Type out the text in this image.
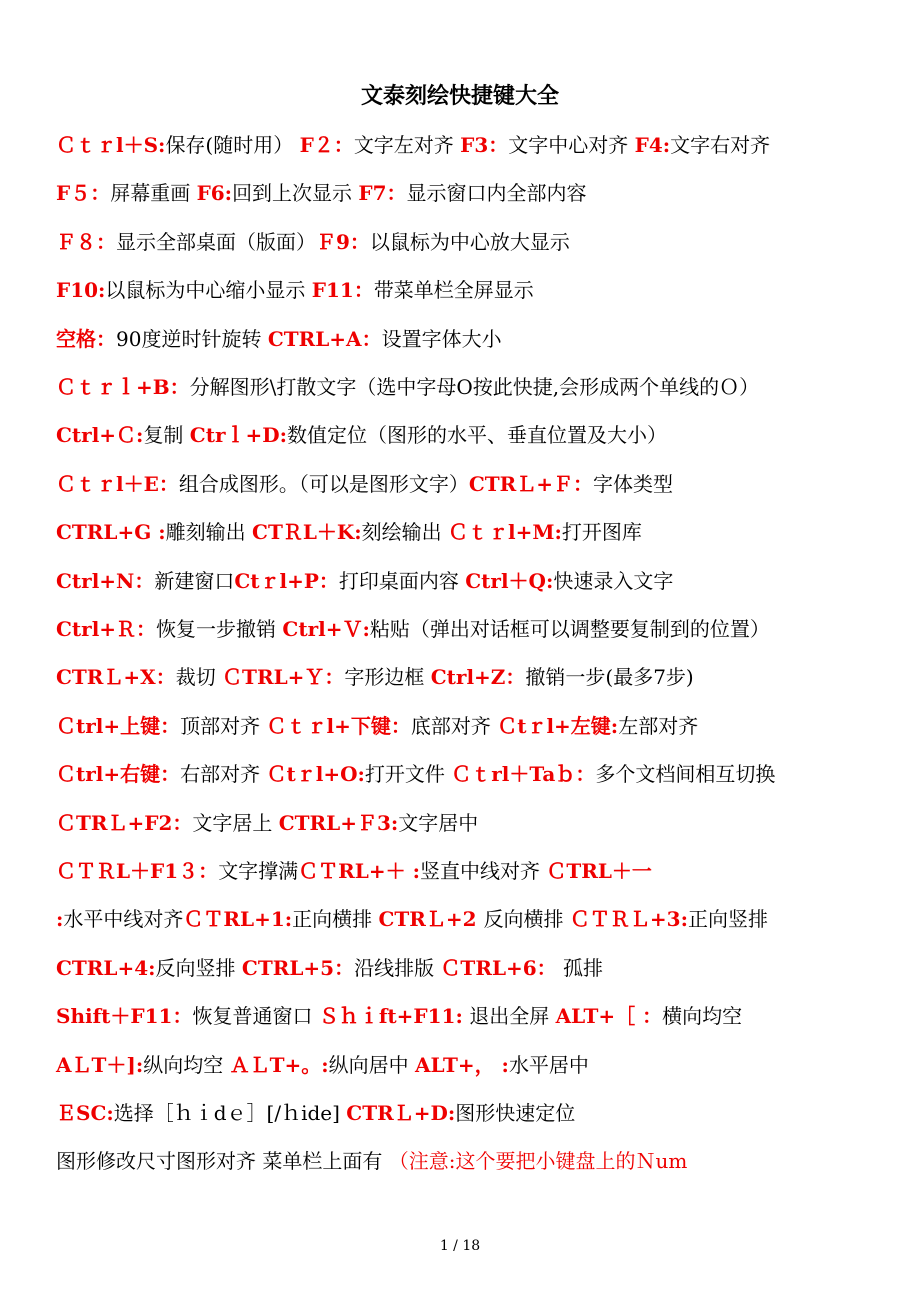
文泰刻绘快捷键大全
Ｃｔｒl＋S:保存(随时用） F２：文字左对齐 F3：文字中心对齐 F4:文字右对齐
F５：屏幕重画 F6:回到上次显示 F7：显示窗口内全部内容
Ｆ８：显示全部桌面（版面）Ｆ9：以鼠标为中心放大显示
F10:以鼠标为中心缩小显示 F11：带菜单栏全屏显示
空格：90度逆时针旋转 CTRL+A：设置字体大小
Ｃｔｒｌ+B：分解图形\打散文字（选中字母O按此快捷,会形成两个单线的Ｏ）
Ctrl+Ｃ:复制 Ctrｌ+D:数值定位（图形的水平、垂直位置及大小）
Ｃｔｒl＋E：组合成图形。（可以是图形文字）CTRＬ+Ｆ：字体类型
CTRL+G :雕刻输出 CTＲL＋K:刻绘输出 Ｃｔｒl+M:打开图库
Ctrl+N：新建窗口Ctｒl+P：打印桌面内容 Ctrl＋Q:快速录入文字
Ctrl+Ｒ：恢复一步撤销 Ctrl+Ｖ:粘贴（弹出对话框可以调整要复制到的位置）
CTRＬ+X：裁切 ＣTRL+Ｙ：字形边框 Ctrl+Z：撤销一步(最多7步)
Ｃtrl+上键：顶部对齐 Ｃｔｒl+下键：底部对齐 Ｃtｒl+左键:左部对齐
Ｃtrl+右键：右部对齐 Ｃtｒl+O:打开文件 Ｃｔrl＋Taｂ：多个文档间相互切换
ＣTRＬ+F2：文字居上 CTRL+Ｆ3:文字居中
ＣＴＲL＋F1３：文字撑满ＣＴRL+＋ :竖直中线对齐 ＣTRL＋一
:水平中线对齐ＣＴRL+1:正向横排 CTRＬ+2 反向横排 ＣＴＲＬ+3:正向竖排
CTRL+4:反向竖排 CTRL+5：沿线排版 ＣTRL+6： 孤排
Shift＋F11：恢复普通窗口 Ｓｈｉft+F11: 退出全屏 ALT+［ ：横向均空
AＬT＋]:纵向均空 ＡＬT+。:纵向居中 ALT+， :水平居中
ＥSC:选择［ｈｉdｅ］[/ｈide] CTRＬ+D:图形快速定位
图形修改尺寸图形对齐 菜单栏上面有 （注意:这个要把小键盘上的Ｎum
1 / 18
